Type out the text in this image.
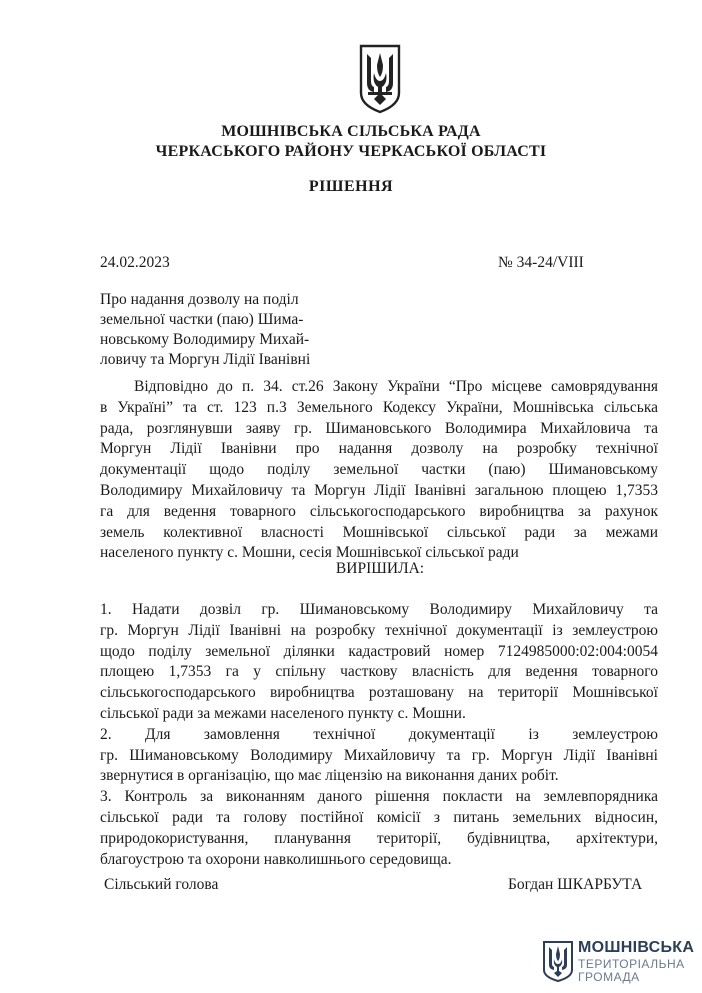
МОШНІВСЬКА СІЛЬСЬКА РАДА
ЧЕРКАСЬКОГО РАЙОНУ ЧЕРКАСЬКОЇ ОБЛАСТІ
РІШЕННЯ
24.02.2023	№ 34-24/VIII
Про надання дозволу на поділ
земельної частки (паю) Шима-
новському Володимиру Михай-
ловичу та Моргун Лідії Іванівні
Відповідно до п. 34. ст.26 Закону України “Про місцеве самоврядування
в Україні” та ст. 123 п.3 Земельного Кодексу України, Мошнівська сільська
рада, розглянувши заяву гр. Шимановського Володимира Михайловича та
Моргун Лідії Іванівни про надання дозволу на розробку технічної
документації щодо поділу земельної частки (паю) Шимановському
Володимиру Михайловичу та Моргун Лідії Іванівні загальною площею 1,7353
га для ведення товарного сільськогосподарського виробництва за рахунок
земель колективної власності Мошнівської сільської ради за межами
населеного пункту с. Мошни, сесія Мошнівської сільської ради
ВИРІШИЛА:
1. Надати дозвіл гр. Шимановському Володимиру Михайловичу та
гр. Моргун Лідії Іванівні на розробку технічної документації із землеустрою
щодо поділу земельної ділянки кадастровий номер 7124985000:02:004:0054
площею 1,7353 га у спільну часткову власність для ведення товарного
сільськогосподарського виробництва розташовану на території Мошнівської
сільської ради за межами населеного пункту с. Мошни.
2. Для замовлення технічної документації із землеустрою
гр. Шимановському Володимиру Михайловичу та гр. Моргун Лідії Іванівні
звернутися в організацію, що має ліцензію на виконання даних робіт.
3. Контроль за виконанням даного рішення покласти на землевпорядника
сільської ради та голову постійної комісії з питань земельних відносин,
природокористування, планування території, будівництва, архітектури,
благоустрою та охорони навколишнього середовища.
Сільський голова	Богдан ШКАРБУТА
МОШНІВСЬКА
ТЕРИТОРІАЛЬНА
ГРОМАДА
